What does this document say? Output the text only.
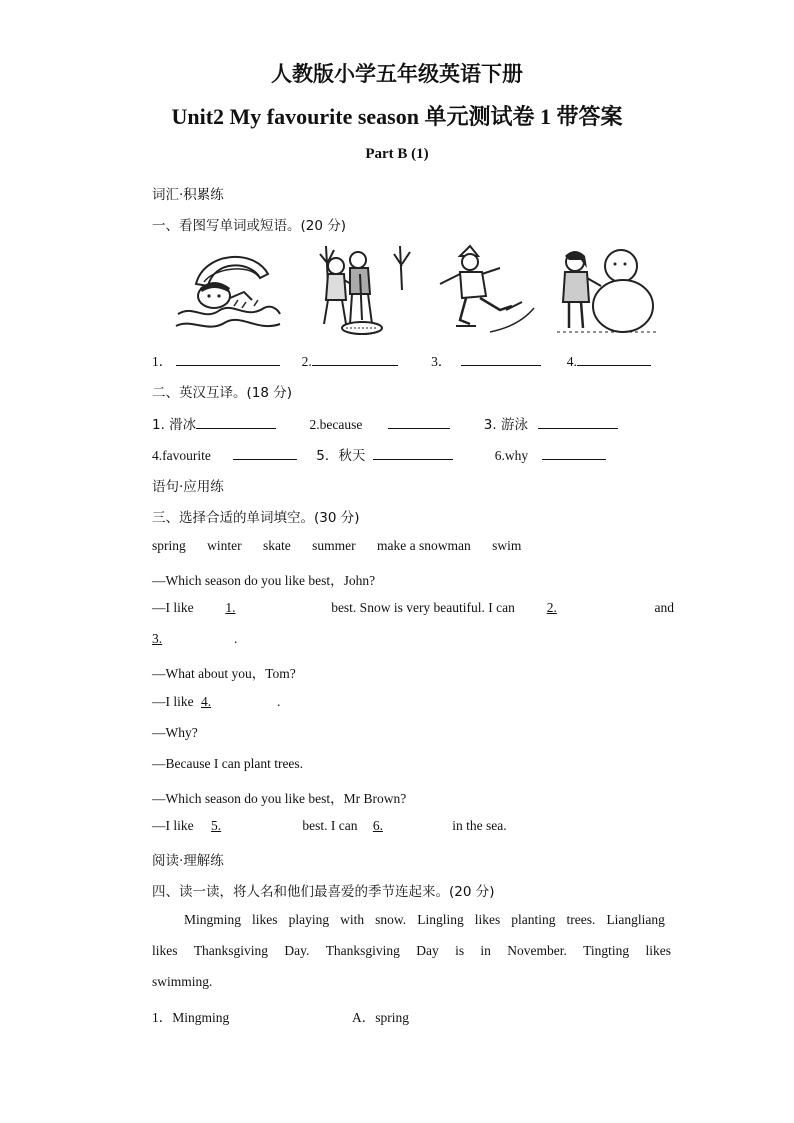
人教版小学五年级英语下册
Unit2 My favourite season 单元测试卷 1 带答案
Part B (1)
词汇·积累练
一、看图写单词或短语。(20 分)
1．	2.	3．	4.
二、英汉互译。(18 分)
1. 滑冰	2.because	3. 游泳
4.favourite	5．秋天	6.why
语句·应用练
三、选择合适的单词填空。(30 分)
spring winter skate summer make a snowman swim
—Which season do you like best，John?
—I like 1.	best. Snow is very beautiful. I can 2.	and
3.	.
—What about you，Tom?
—I like 4.	.
—Why?
—Because I can plant trees.
—Which season do you like best，Mr Brown?
—I like 5.	best. I can 6.	in the sea.
阅读·理解练
四、读一读，将人名和他们最喜爱的季节连起来。(20 分)
Mingming likes playing with snow. Lingling likes planting trees. Liangliang
likes Thanksgiving Day. Thanksgiving Day is in November. Tingting likes
swimming.
1．Mingming	A．spring
